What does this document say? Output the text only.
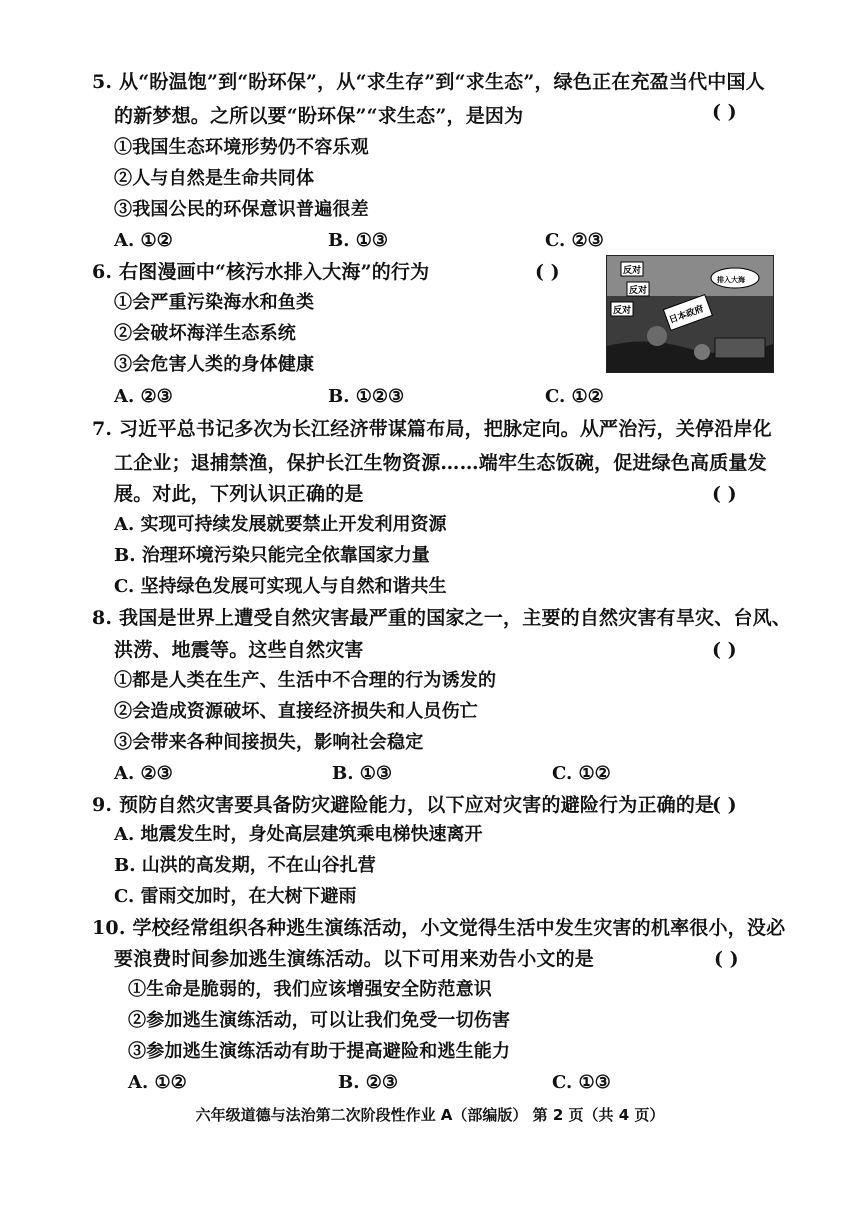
5. 从“盼温饱”到“盼环保”，从“求生存”到“求生态”，绿色正在充盈当代中国人
的新梦想。之所以要“盼环保”“求生态”，是因为	( )
①我国生态环境形势仍不容乐观
②人与自然是生命共同体
③我国公民的环保意识普遍很差
A. ①②	B. ①③	C. ②③
6. 右图漫画中“核污水排入大海”的行为	( )
①会严重污染海水和鱼类
②会破坏海洋生态系统
③会危害人类的身体健康
A. ②③	B. ①②③	C. ①②
反对
反对
反对	日本政府
排入大海
7. 习近平总书记多次为长江经济带谋篇布局，把脉定向。从严治污，关停沿岸化
工企业；退捕禁渔，保护长江生物资源……端牢生态饭碗，促进绿色高质量发
展。对此，下列认识正确的是	( )
A. 实现可持续发展就要禁止开发利用资源
B. 治理环境污染只能完全依靠国家力量
C. 坚持绿色发展可实现人与自然和谐共生
8. 我国是世界上遭受自然灾害最严重的国家之一，主要的自然灾害有旱灾、台风、
洪涝、地震等。这些自然灾害	( )
①都是人类在生产、生活中不合理的行为诱发的
②会造成资源破坏、直接经济损失和人员伤亡
③会带来各种间接损失，影响社会稳定
A. ②③	B. ①③	C. ①②
9. 预防自然灾害要具备防灾避险能力，以下应对灾害的避险行为正确的是
( )
A. 地震发生时，身处高层建筑乘电梯快速离开
B. 山洪的高发期，不在山谷扎营
C. 雷雨交加时，在大树下避雨
10. 学校经常组织各种逃生演练活动，小文觉得生活中发生灾害的机率很小，没必
要浪费时间参加逃生演练活动。以下可用来劝告小文的是	( )
①生命是脆弱的，我们应该增强安全防范意识
②参加逃生演练活动，可以让我们免受一切伤害
③参加逃生演练活动有助于提高避险和逃生能力
A. ①②	B. ②③	C. ①③
六年级道德与法治第二次阶段性作业 A（部编版） 第 2 页（共 4 页）
